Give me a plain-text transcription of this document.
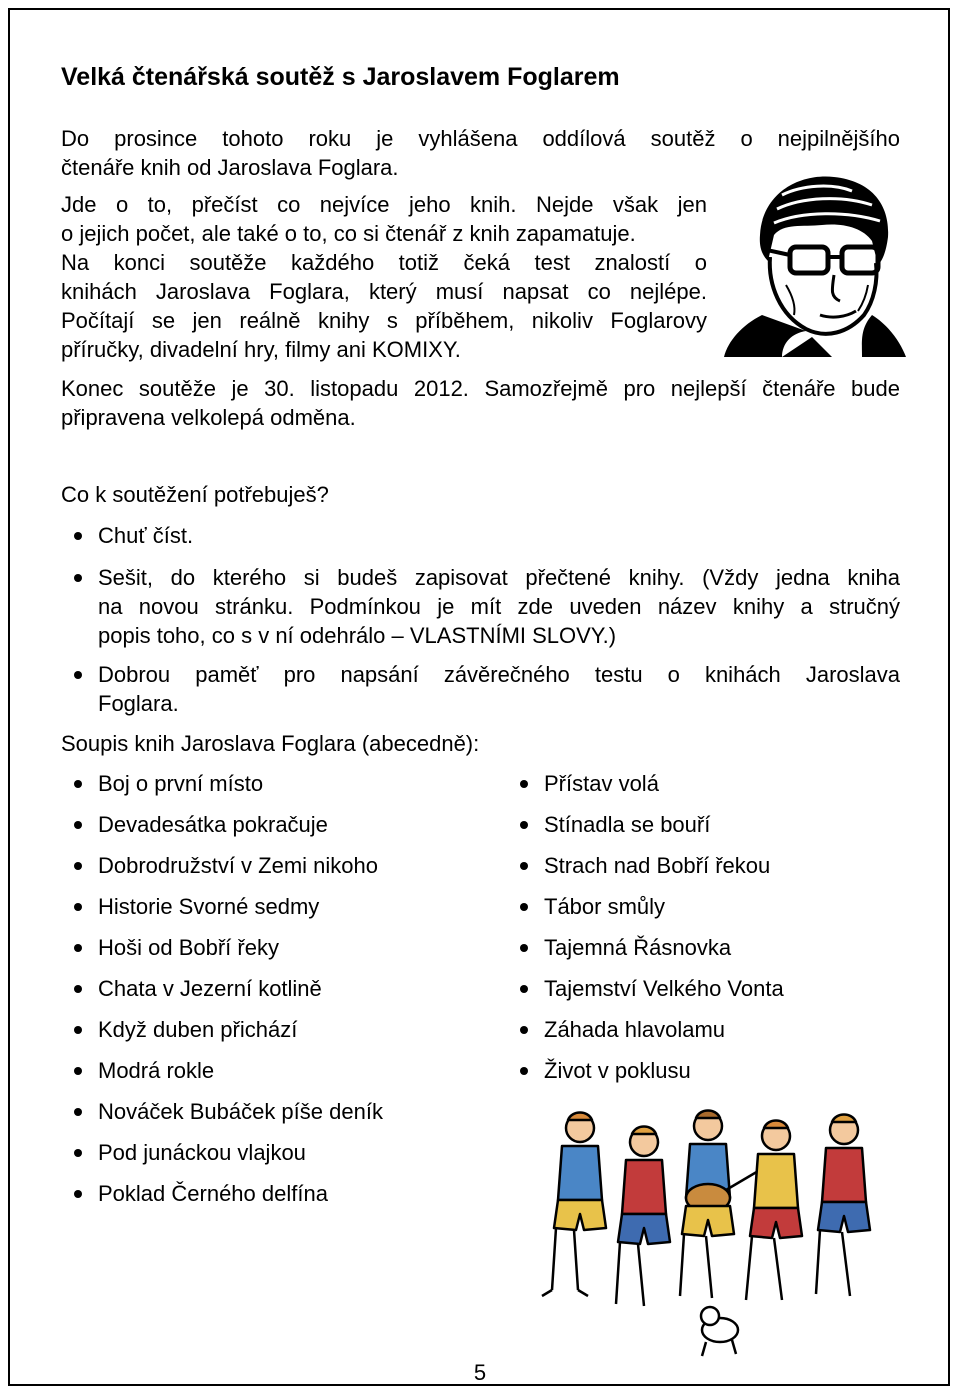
Velká čtenářská soutěž s Jaroslavem Foglarem
Do prosince tohoto roku je vyhlášena oddílová soutěž o nejpilnějšího
čtenáře knih od Jaroslava Foglara.
Jde o to, přečíst co nejvíce jeho knih. Nejde však jen
o jejich počet, ale také o to, co si čtenář z knih zapamatuje.
Na konci soutěže každého totiž čeká test znalostí o
knihách Jaroslava Foglara, který musí napsat co nejlépe.
Počítají se jen reálně knihy s příběhem, nikoliv Foglarovy
příručky, divadelní hry, filmy ani KOMIXY.
Konec soutěže je 30. listopadu 2012. Samozřejmě pro nejlepší čtenáře bude
připravena velkolepá odměna.
Co k soutěžení potřebuješ?
Chuť číst.
Sešit, do kterého si budeš zapisovat přečtené knihy. (Vždy jedna kniha
na novou stránku. Podmínkou je mít zde uveden název knihy a stručný
popis toho, co s v ní odehrálo – VLASTNÍMI SLOVY.)
Dobrou paměť pro napsání závěrečného testu o knihách Jaroslava
Foglara.
Soupis knih Jaroslava Foglara (abecedně):
Boj o první místo
Devadesátka pokračuje
Dobrodružství v Zemi nikoho
Historie Svorné sedmy
Hoši od Bobří řeky
Chata v Jezerní kotlině
Když duben přichází
Modrá rokle
Nováček Bubáček píše deník
Pod junáckou vlajkou
Poklad Černého delfína
Přístav volá
Stínadla se bouří
Strach nad Bobří řekou
Tábor smůly
Tajemná Řásnovka
Tajemství Velkého Vonta
Záhada hlavolamu
Život v poklusu
5
